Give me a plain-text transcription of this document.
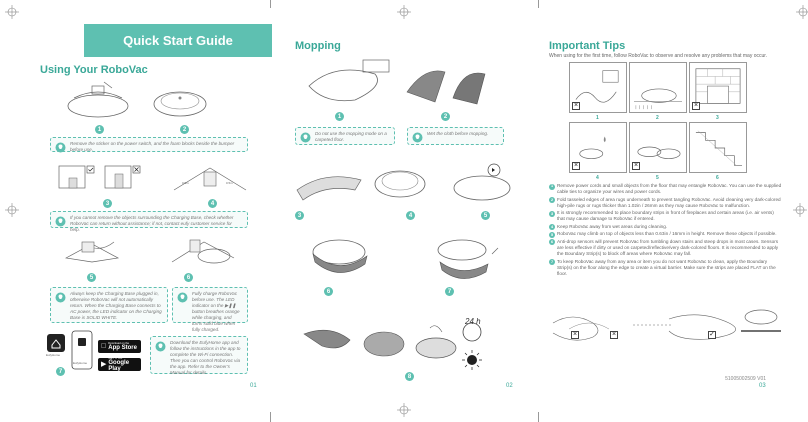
Quick Start Guide
Using Your RoboVac
1	2
Remove the sticker on the power switch, and the foam blocks beside the bumper before use.
0.5m	0.5m
3	4
If you cannot remove the objects surrounding the Charging Base, check whether RoboVac can return without assistance; if not, contact eufy customer service for help.
5	6
Always keep the Charging Base plugged in, otherwise RoboVac will not automatically return. When the Charging Base connects to AC power, the LED indicator on the Charging Base is SOLID WHITE.
Fully charge RoboVac before use. The LED indicator on the ▶❚❚ button breathes orange while charging, and turns solid blue when fully charged.
EufyHome
EufyHome
Download on the
App Store
▶
GET IT ON
Google Play
Download the EufyHome app and follow the instructions in the app to complete the Wi-Fi connection. Then you can control RoboVac via the app. Refer to the Owner's Manual for details.
7
01
Mopping
1	2
Do not use the mopping mode on a carpeted floor.
Wet the cloth before mopping.
3	4	5
6	7
24 h
8
02
Important Tips
When using for the first time, follow RoboVac to observe and resolve any problems that may occur.
×	×
1	2	3
×	×
4	5	6
1 Remove power cords and small objects from the floor that may entangle RoboVac. You can use the supplied cable ties to organize your wires and power cords.
2 Fold tasseled edges of area rugs underneath to prevent tangling RoboVac. Avoid cleaning very dark-colored high-pile rugs or rugs thicker than 1.02in / 26mm as they may cause RoboVac to malfunction.
3 It is strongly recommended to place boundary strips in front of fireplaces and certain areas (i.e. air vents) that may cause damage to RoboVac if entered.
4 Keep RoboVac away from wet areas during cleaning.
5 RoboVac may climb on top of objects less than 0.63in / 16mm in height. Remove these objects if possible.
6 Anti-drop sensors will prevent RoboVac from tumbling down stairs and steep drops in most cases. Sensors are less effective if dirty or used on carpeted/reflective/very dark-colored floors. It is recommended to apply the Boundary Strip(s) to block off areas where RoboVac may fall.
7 To keep RoboVac away from any area or item you do not want RoboVac to clean, apply the Boundary Strip(s) on the floor along the edge to create a virtual barrier. Make sure the strips are placed FLAT on the floor.
×	×	✓
51005002509 V01
03
